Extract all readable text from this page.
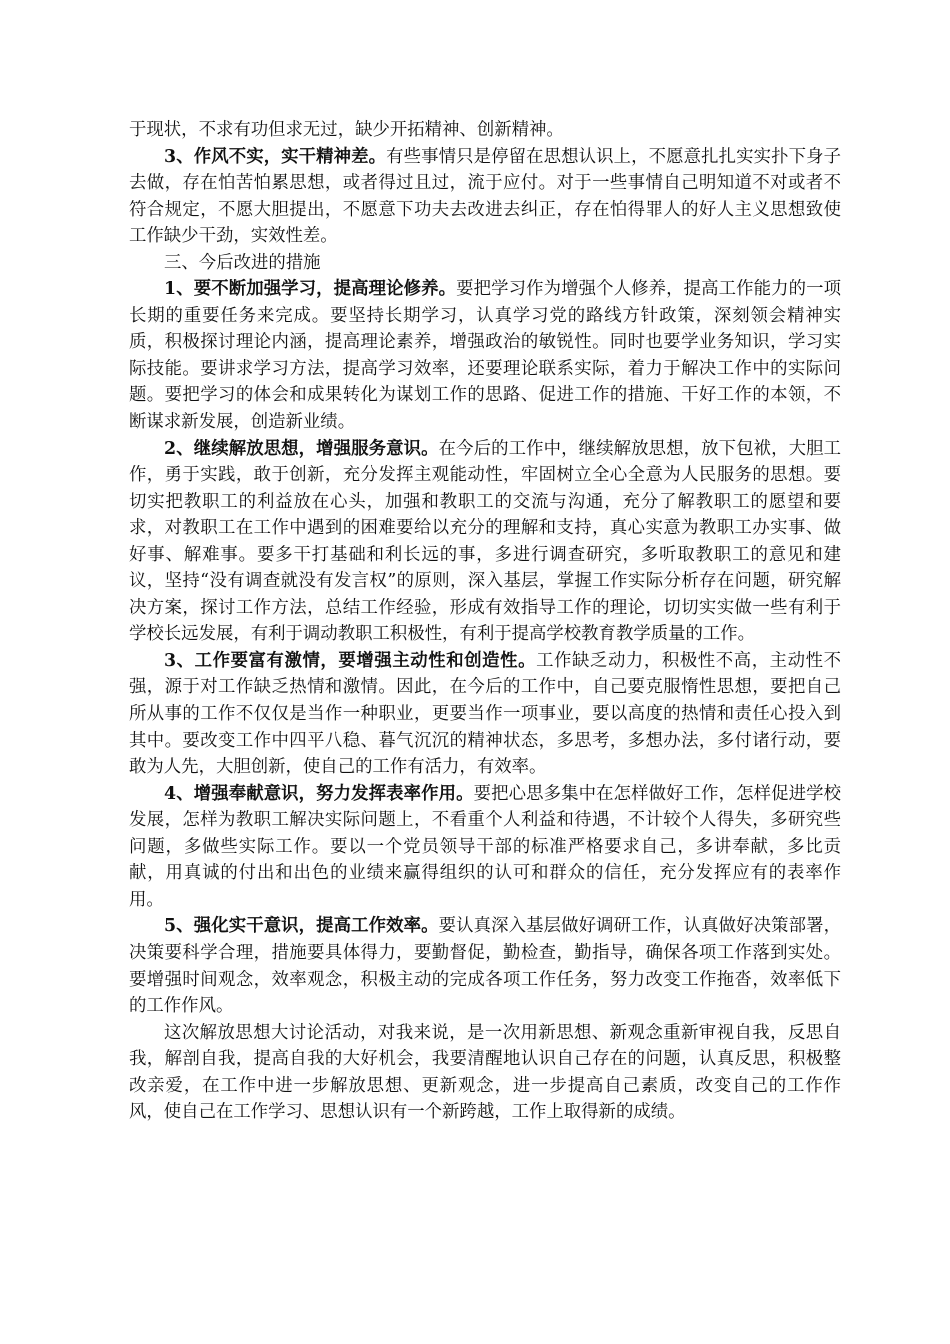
于现状，不求有功但求无过，缺少开拓精神、创新精神。

3、作风不实，实干精神差。有些事情只是停留在思想认识上，不愿意扎扎实实扑下身子去做，存在怕苦怕累思想，或者得过且过，流于应付。对于一些事情自己明知道不对或者不符合规定，不愿大胆提出，不愿意下功夫去改进去纠正，存在怕得罪人的好人主义思想致使工作缺少干劲，实效性差。

三、今后改进的措施

1、要不断加强学习，提高理论修养。要把学习作为增强个人修养，提高工作能力的一项长期的重要任务来完成。要坚持长期学习，认真学习党的路线方针政策，深刻领会精神实质，积极探讨理论内涵，提高理论素养，增强政治的敏锐性。同时也要学业务知识，学习实际技能。要讲求学习方法，提高学习效率，还要理论联系实际，着力于解决工作中的实际问题。要把学习的体会和成果转化为谋划工作的思路、促进工作的措施、干好工作的本领，不断谋求新发展，创造新业绩。

2、继续解放思想，增强服务意识。在今后的工作中，继续解放思想，放下包袱，大胆工作，勇于实践，敢于创新，充分发挥主观能动性，牢固树立全心全意为人民服务的思想。要切实把教职工的利益放在心头，加强和教职工的交流与沟通，充分了解教职工的愿望和要求，对教职工在工作中遇到的困难要给以充分的理解和支持，真心实意为教职工办实事、做好事、解难事。要多干打基础和利长远的事，多进行调查研究，多听取教职工的意见和建议，坚持“没有调查就没有发言权”的原则，深入基层，掌握工作实际分析存在问题，研究解决方案，探讨工作方法，总结工作经验，形成有效指导工作的理论，切切实实做一些有利于学校长远发展，有利于调动教职工积极性，有利于提高学校教育教学质量的工作。

3、工作要富有激情，要增强主动性和创造性。工作缺乏动力，积极性不高，主动性不强，源于对工作缺乏热情和激情。因此，在今后的工作中，自己要克服惰性思想，要把自己所从事的工作不仅仅是当作一种职业，更要当作一项事业，要以高度的热情和责任心投入到其中。要改变工作中四平八稳、暮气沉沉的精神状态，多思考，多想办法，多付诸行动，要敢为人先，大胆创新，使自己的工作有活力，有效率。

4、增强奉献意识，努力发挥表率作用。要把心思多集中在怎样做好工作，怎样促进学校发展，怎样为教职工解决实际问题上，不看重个人利益和待遇，不计较个人得失，多研究些问题，多做些实际工作。要以一个党员领导干部的标准严格要求自己，多讲奉献，多比贡献，用真诚的付出和出色的业绩来赢得组织的认可和群众的信任，充分发挥应有的表率作用。

5、强化实干意识，提高工作效率。要认真深入基层做好调研工作，认真做好决策部署，决策要科学合理，措施要具体得力，要勤督促，勤检查，勤指导，确保各项工作落到实处。要增强时间观念，效率观念，积极主动的完成各项工作任务，努力改变工作拖沓，效率低下的工作作风。

这次解放思想大讨论活动，对我来说，是一次用新思想、新观念重新审视自我，反思自我，解剖自我，提高自我的大好机会，我要清醒地认识自己存在的问题，认真反思，积极整改亲爱，在工作中进一步解放思想、更新观念，进一步提高自己素质，改变自己的工作作风，使自己在工作学习、思想认识有一个新跨越，工作上取得新的成绩。
